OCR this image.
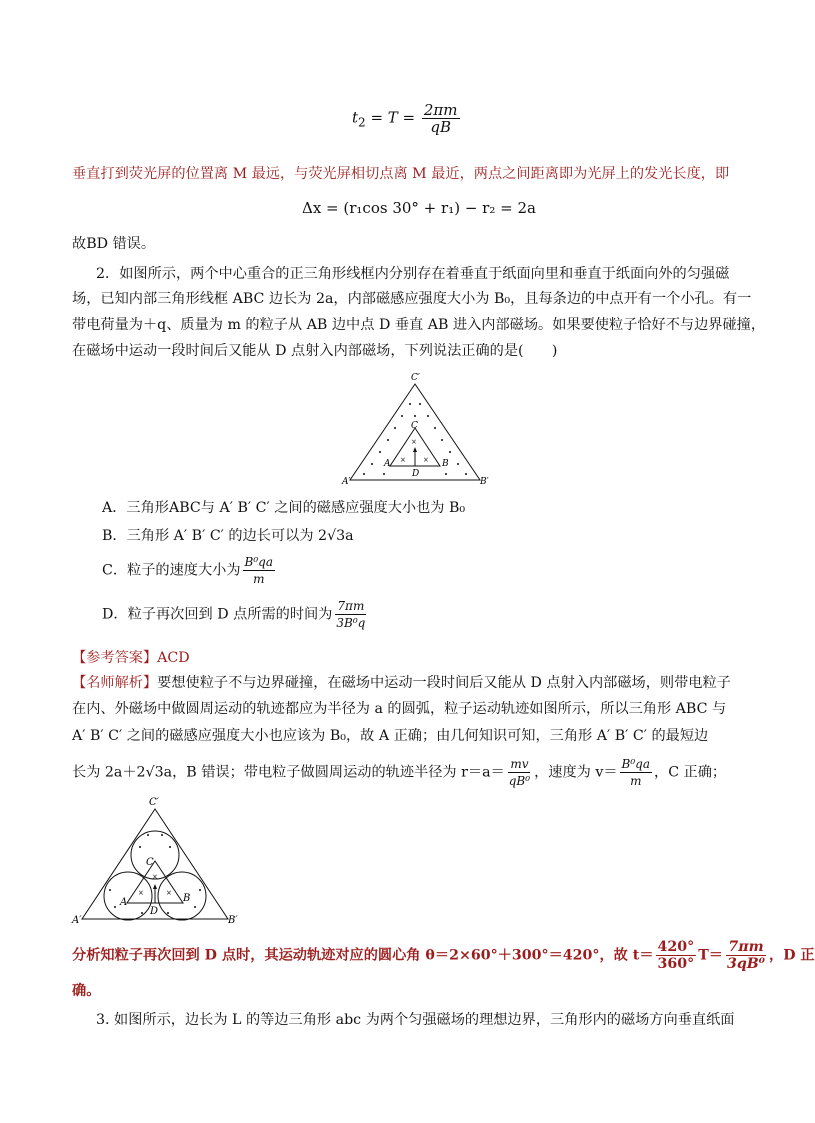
$t_2 = T = \frac{2\pi m}{qB}$
垂直打到荧光屏的位置离 M 最远，与荧光屏相切点离 M 最近，两点之间距离即为光屏上的发光长度，即
Δx = (r₁cos 30° + r₁) − r₂ = 2a
故BD 错误。
2．如图所示，两个中心重合的正三角形线框内分别存在着垂直于纸面向里和垂直于纸面向外的匀强磁
场，已知内部三角形线框 ABC 边长为 2a，内部磁感应强度大小为 B₀，且每条边的中点开有一个小孔。有一
带电荷量为＋q、质量为 m 的粒子从 AB 边中点 D 垂直 AB 进入内部磁场。如果要使粒子恰好不与边界碰撞，
在磁场中运动一段时间后又能从 D 点射入内部磁场，下列说法正确的是(　　)
×
× ×
C′
C
A	B
D
A′	B′
A．三角形ABC与 A′ B′ C′ 之间的磁感应强度大小也为 B₀
B．三角形 A′ B′ C′ 的边长可以为 2√3a
C．粒子的速度大小为 $\frac{\text{B⁰qa}}{m}$
D．粒子再次回到 D 点所需的时间为 $\frac{7\pi m}{\text{3B⁰q}}$
【参考答案】ACD
【名师解析】要想使粒子不与边界碰撞，在磁场中运动一段时间后又能从 D 点射入内部磁场，则带电粒子
在内、外磁场中做圆周运动的轨迹都应为半径为 a 的圆弧，粒子运动轨迹如图所示，所以三角形 ABC 与
A′ B′ C′ 之间的磁感应强度大小也应该为 B₀，故 A 正确；由几何知识可知，三角形 A′ B′ C′ 的最短边
长为 2a＋2√3a，B 错误；带电粒子做圆周运动的轨迹半径为 $r=a= \frac{mv}{\text{qB⁰}}$ ，速度为 $v= \frac{\text{B⁰qa}}{m}$ ，C 正确；
×
×	×
C′
C
A	B
D
A′	B′
分析知粒子再次回到 D 点时，其运动轨迹对应的圆心角 θ＝2×60°＋300°＝420°，故 $t= \frac{420^\circ}{360^\circ} T= \frac{7\pi m}{\text{3qB⁰}}$ ，D 正
确。
3. 如图所示，边长为 L 的等边三角形 abc 为两个匀强磁场的理想边界，三角形内的磁场方向垂直纸面
